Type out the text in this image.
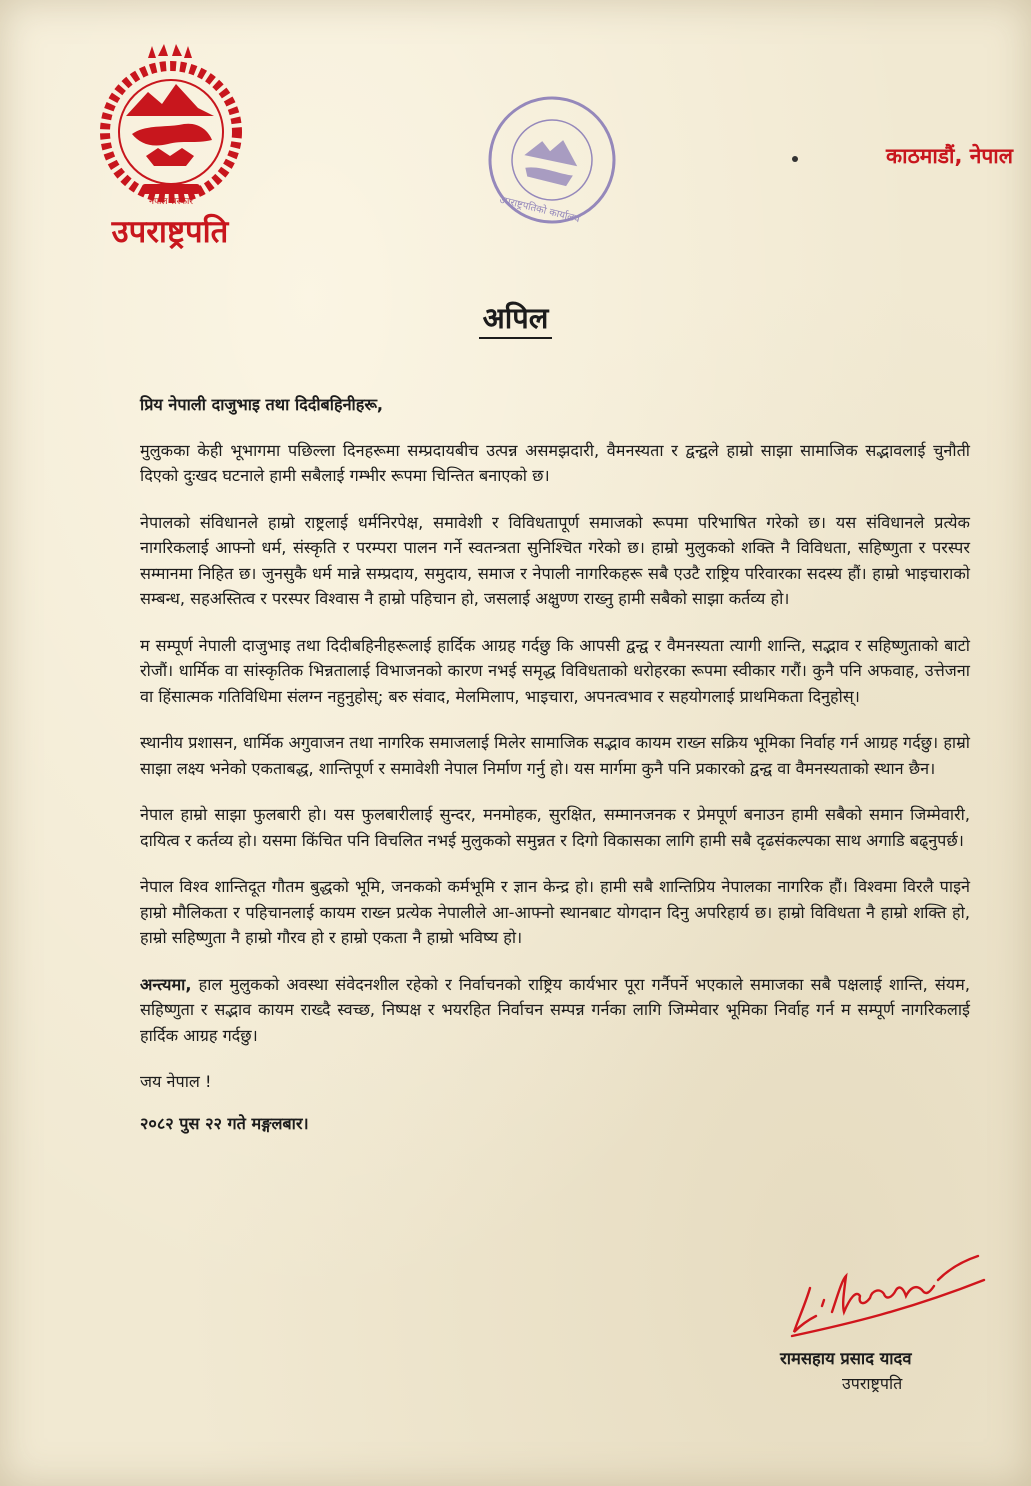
नेपाल सरकार
उपराष्ट्रपति
उपराष्ट्रपतिको कार्यालय
काठमाडौं, नेपाल
अपिल
प्रिय नेपाली दाजुभाइ तथा दिदीबहिनीहरू,

मुलुकका केही भूभागमा पछिल्ला दिनहरूमा सम्प्रदायबीच उत्पन्न असमझदारी, वैमनस्यता र द्वन्द्वले हाम्रो साझा सामाजिक सद्भावलाई चुनौती दिएको दुःखद घटनाले हामी सबैलाई गम्भीर रूपमा चिन्तित बनाएको छ।

नेपालको संविधानले हाम्रो राष्ट्रलाई धर्मनिरपेक्ष, समावेशी र विविधतापूर्ण समाजको रूपमा परिभाषित गरेको छ। यस संविधानले प्रत्येक नागरिकलाई आफ्नो धर्म, संस्कृति र परम्परा पालन गर्ने स्वतन्त्रता सुनिश्चित गरेको छ। हाम्रो मुलुकको शक्ति नै विविधता, सहिष्णुता र परस्पर सम्मानमा निहित छ। जुनसुकै धर्म मान्ने सम्प्रदाय, समुदाय, समाज र नेपाली नागरिकहरू सबै एउटै राष्ट्रिय परिवारका सदस्य हौं। हाम्रो भाइचाराको सम्बन्ध, सहअस्तित्व र परस्पर विश्वास नै हाम्रो पहिचान हो, जसलाई अक्षुण्ण राख्नु हामी सबैको साझा कर्तव्य हो।

म सम्पूर्ण नेपाली दाजुभाइ तथा दिदीबहिनीहरूलाई हार्दिक आग्रह गर्दछु कि आपसी द्वन्द्व र वैमनस्यता त्यागी शान्ति, सद्भाव र सहिष्णुताको बाटो रोजौं। धार्मिक वा सांस्कृतिक भिन्नतालाई विभाजनको कारण नभई समृद्ध विविधताको धरोहरका रूपमा स्वीकार गरौं। कुनै पनि अफवाह, उत्तेजना वा हिंसात्मक गतिविधिमा संलग्न नहुनुहोस्; बरु संवाद, मेलमिलाप, भाइचारा, अपनत्वभाव र सहयोगलाई प्राथमिकता दिनुहोस्।

स्थानीय प्रशासन, धार्मिक अगुवाजन तथा नागरिक समाजलाई मिलेर सामाजिक सद्भाव कायम राख्न सक्रिय भूमिका निर्वाह गर्न आग्रह गर्दछु। हाम्रो साझा लक्ष्य भनेको एकताबद्ध, शान्तिपूर्ण र समावेशी नेपाल निर्माण गर्नु हो। यस मार्गमा कुनै पनि प्रकारको द्वन्द्व वा वैमनस्यताको स्थान छैन।

नेपाल हाम्रो साझा फुलबारी हो। यस फुलबारीलाई सुन्दर, मनमोहक, सुरक्षित, सम्मानजनक र प्रेमपूर्ण बनाउन हामी सबैको समान जिम्मेवारी, दायित्व र कर्तव्य हो। यसमा किंचित पनि विचलित नभई मुलुकको समुन्नत र दिगो विकासका लागि हामी सबै दृढसंकल्पका साथ अगाडि बढ्नुपर्छ।

नेपाल विश्व शान्तिदूत गौतम बुद्धको भूमि, जनकको कर्मभूमि र ज्ञान केन्द्र हो। हामी सबै शान्तिप्रिय नेपालका नागरिक हौं। विश्वमा विरलै पाइने हाम्रो मौलिकता र पहिचानलाई कायम राख्न प्रत्येक नेपालीले आ-आफ्नो स्थानबाट योगदान दिनु अपरिहार्य छ। हाम्रो विविधता नै हाम्रो शक्ति हो, हाम्रो सहिष्णुता नै हाम्रो गौरव हो र हाम्रो एकता नै हाम्रो भविष्य हो।

अन्त्यमा, हाल मुलुकको अवस्था संवेदनशील रहेको र निर्वाचनको राष्ट्रिय कार्यभार पूरा गर्नैपर्ने भएकाले समाजका सबै पक्षलाई शान्ति, संयम, सहिष्णुता र सद्भाव कायम राख्दै स्वच्छ, निष्पक्ष र भयरहित निर्वाचन सम्पन्न गर्नका लागि जिम्मेवार भूमिका निर्वाह गर्न म सम्पूर्ण नागरिकलाई हार्दिक आग्रह गर्दछु।

जय नेपाल !
२०८२ पुस २२ गते मङ्गलबार।
रामसहाय प्रसाद यादव
उपराष्ट्रपति
